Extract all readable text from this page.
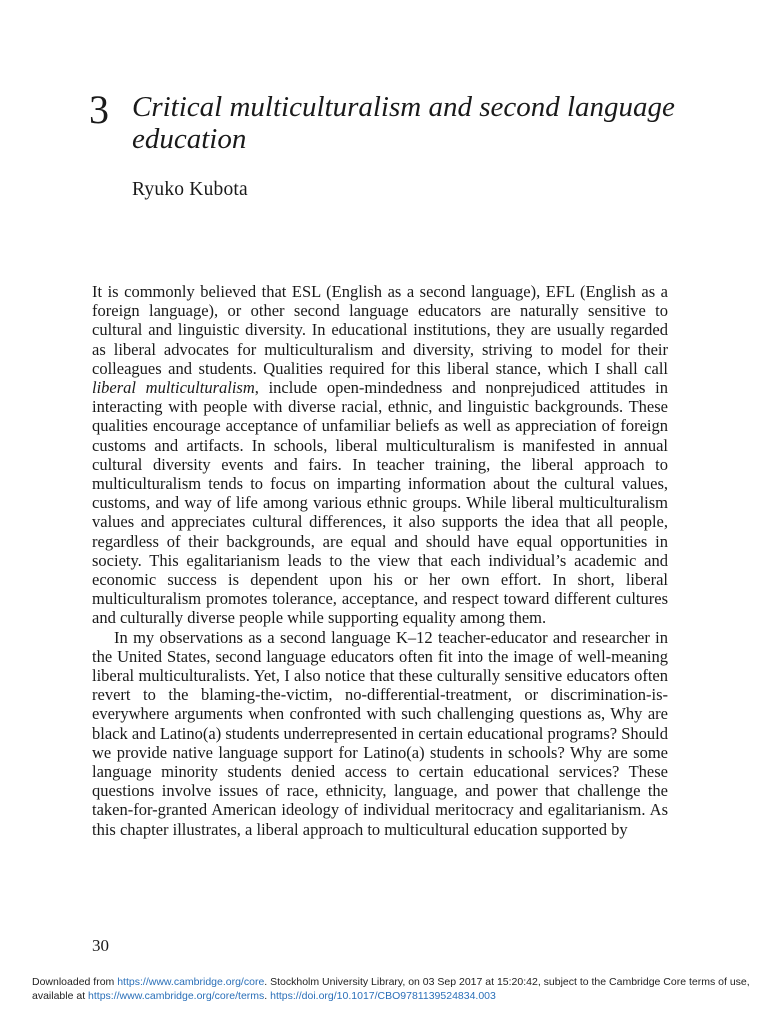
3 Critical multiculturalism and second language education
Ryuko Kubota

It is commonly believed that ESL (English as a second language), EFL (English as a foreign language), or other second language educators are naturally sensitive to cultural and linguistic diversity. In educational institutions, they are usually regarded as liberal advocates for multiculturalism and diversity, striving to model for their colleagues and students. Qualities required for this liberal stance, which I shall call liberal multiculturalism, include open-mindedness and nonprejudiced attitudes in interacting with people with diverse racial, ethnic, and linguistic backgrounds. These qualities encourage acceptance of unfamiliar beliefs as well as appreciation of foreign customs and artifacts. In schools, liberal multiculturalism is manifested in annual cultural diversity events and fairs. In teacher training, the liberal approach to multiculturalism tends to focus on imparting information about the cultural values, customs, and way of life among various ethnic groups. While liberal multiculturalism values and appreciates cultural differences, it also supports the idea that all people, regardless of their backgrounds, are equal and should have equal opportunities in society. This egalitarianism leads to the view that each individual’s academic and economic success is dependent upon his or her own effort. In short, liberal multiculturalism promotes tolerance, acceptance, and respect toward different cultures and culturally diverse people while supporting equality among them.

In my observations as a second language K–12 teacher-educator and researcher in the United States, second language educators often fit into the image of well-meaning liberal multiculturalists. Yet, I also notice that these culturally sensitive educators often revert to the blaming-the-victim, no-differential-treatment, or discrimination-is-everywhere arguments when confronted with such challenging questions as, Why are black and Latino(a) students underrepresented in certain educational programs? Should we provide native language support for Latino(a) students in schools? Why are some language minority students denied access to certain educational services? These questions involve issues of race, ethnicity, language, and power that challenge the taken-for-granted American ideology of individual meritocracy and egalitarianism. As this chapter illustrates, a liberal approach to multicultural education supported by

30
Downloaded from https://www.cambridge.org/core. Stockholm University Library, on 03 Sep 2017 at 15:20:42, subject to the Cambridge Core terms of use, available at https://www.cambridge.org/core/terms. https://doi.org/10.1017/CBO9781139524834.003
